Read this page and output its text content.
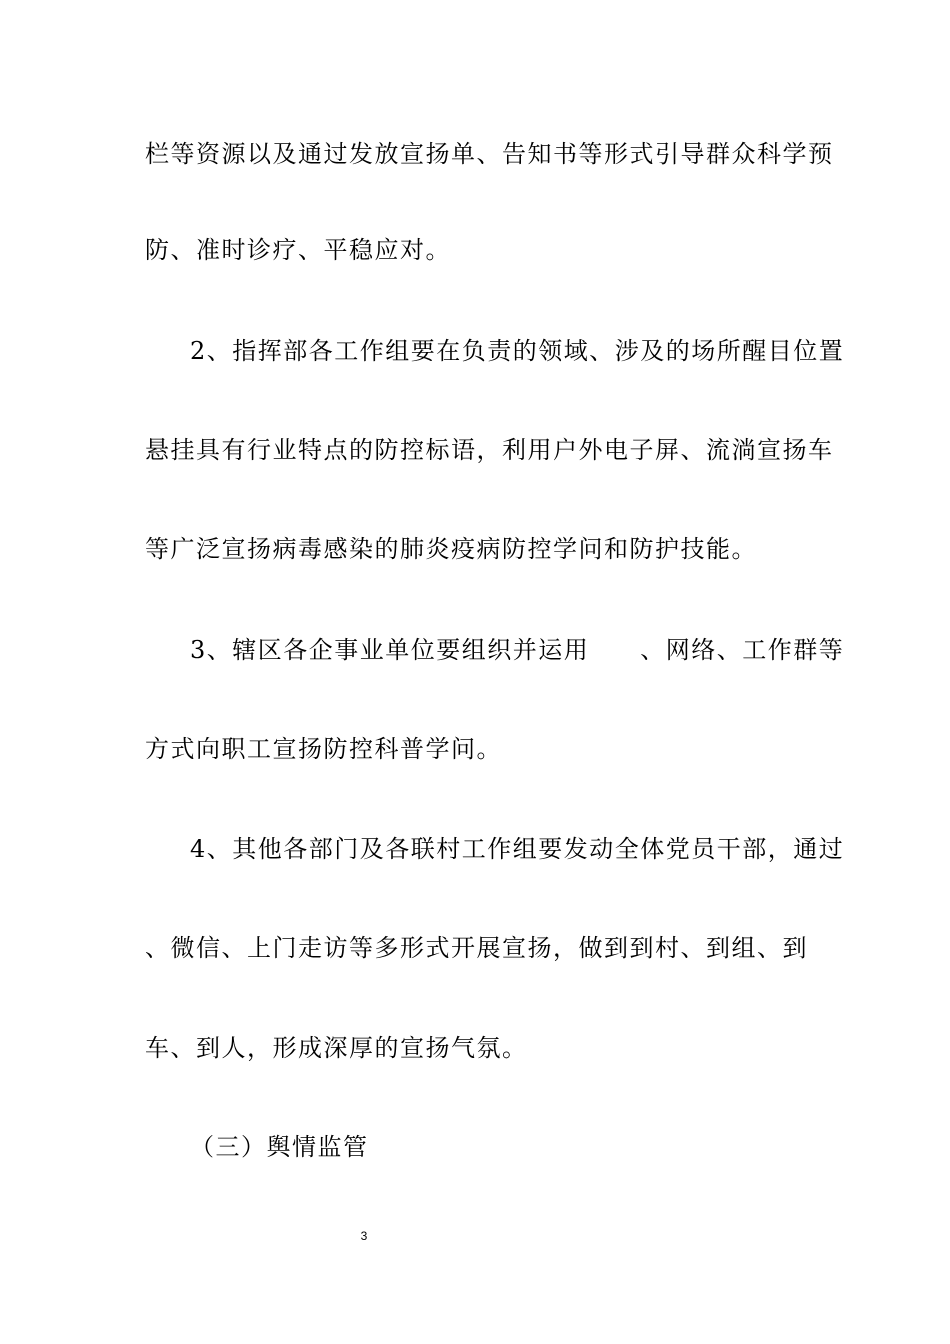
栏等资源以及通过发放宣扬单、告知书等形式引导群众科学预
防、准时诊疗、平稳应对。
2、指挥部各工作组要在负责的领域、涉及的场所醒目位置
悬挂具有行业特点的防控标语，利用户外电子屏、流淌宣扬车
等广泛宣扬病毒感染的肺炎疫病防控学问和防护技能。
3、辖区各企事业单位要组织并运用　　、网络、工作群等
方式向职工宣扬防控科普学问。
4、其他各部门及各联村工作组要发动全体党员干部，通过
、微信、上门走访等多形式开展宣扬，做到到村、到组、到
车、到人，形成深厚的宣扬气氛。
（三）舆情监管
3
